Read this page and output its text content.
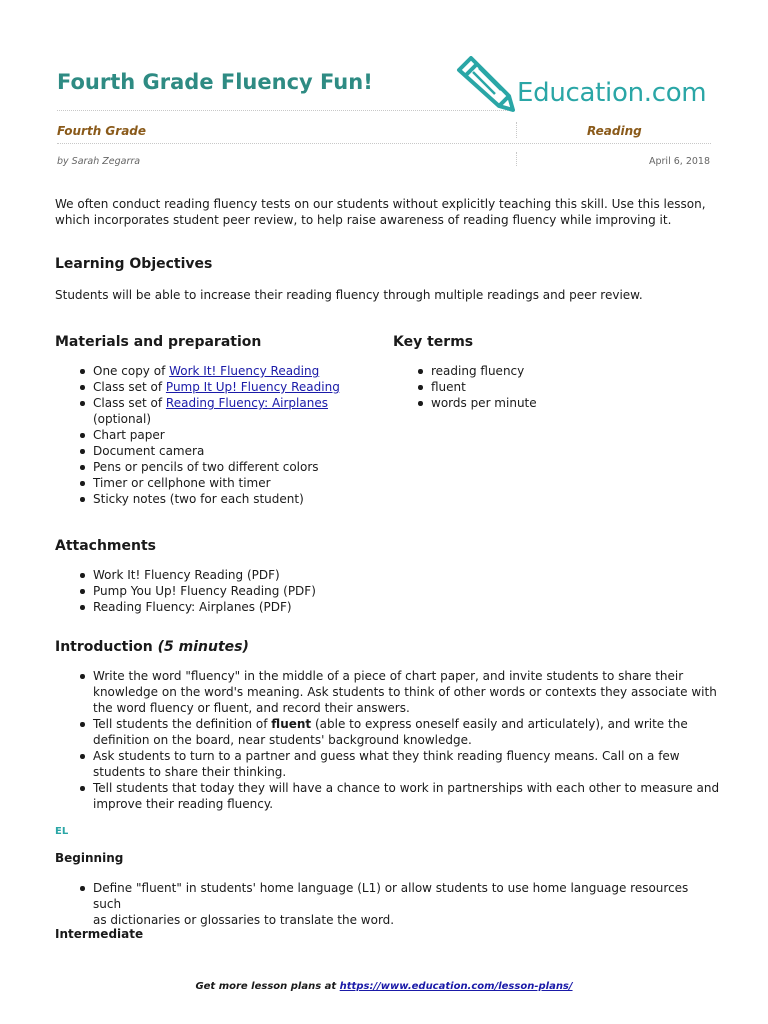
Fourth Grade Fluency Fun!	Education.com
Fourth Grade	Reading
by Sarah Zegarra	April 6, 2018
We often conduct reading fluency tests on our students without explicitly teaching this skill. Use this lesson,
which incorporates student peer review, to help raise awareness of reading fluency while improving it.
Learning Objectives
Students will be able to increase their reading fluency through multiple readings and peer review.
Materials and preparation
One copy of Work It! Fluency Reading
Class set of Pump It Up! Fluency Reading
Class set of Reading Fluency: Airplanes
(optional)
Chart paper
Document camera
Pens or pencils of two different colors
Timer or cellphone with timer
Sticky notes (two for each student)
Key terms
reading fluency
fluent
words per minute
Attachments
Work It! Fluency Reading (PDF)
Pump You Up! Fluency Reading (PDF)
Reading Fluency: Airplanes (PDF)
Introduction (5 minutes)
Write the word "fluency" in the middle of a piece of chart paper, and invite students to share their
knowledge on the word's meaning. Ask students to think of other words or contexts they associate with
the word fluency or fluent, and record their answers.
Tell students the definition of fluent (able to express oneself easily and articulately), and write the
definition on the board, near students' background knowledge.
Ask students to turn to a partner and guess what they think reading fluency means. Call on a few
students to share their thinking.
Tell students that today they will have a chance to work in partnerships with each other to measure and
improve their reading fluency.
EL
Beginning
Define "fluent" in students' home language (L1) or allow students to use home language resources such
as dictionaries or glossaries to translate the word.
Intermediate
Get more lesson plans at https://www.education.com/lesson-plans/
